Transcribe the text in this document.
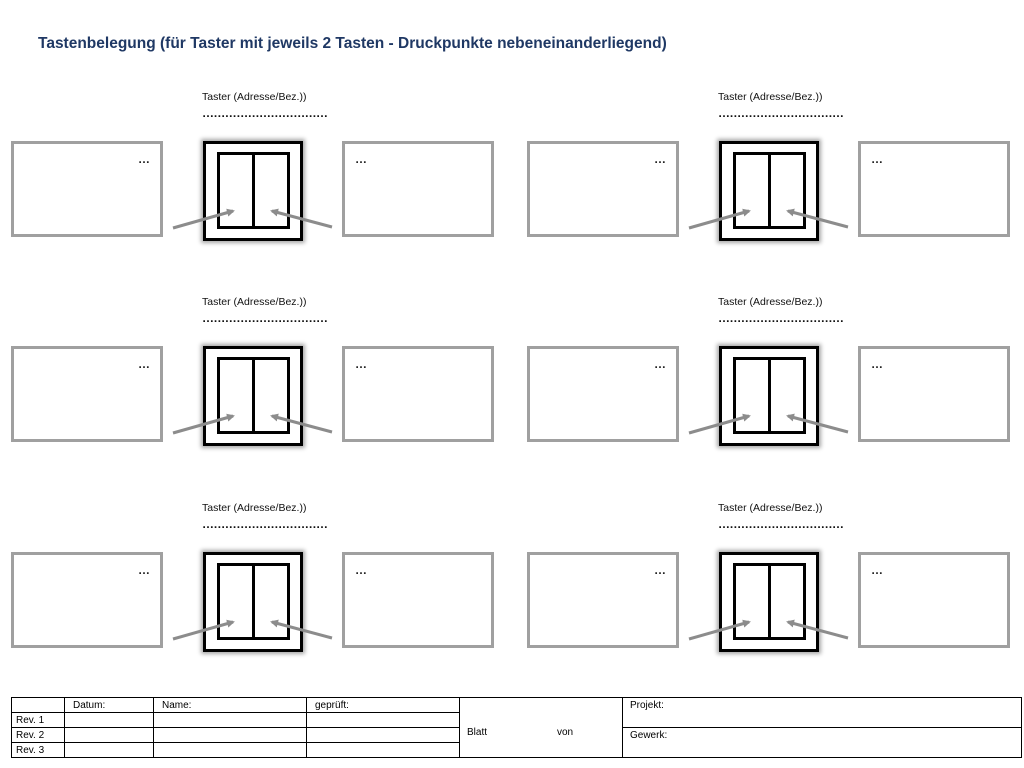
Tastenbelegung (für Taster mit jeweils 2 Tasten - Druckpunkte nebeneinanderliegend)
Taster (Adresse/Bez.))
……………………………
…	…
Taster (Adresse/Bez.))
……………………………
…	…
Taster (Adresse/Bez.))
……………………………
…	…
Taster (Adresse/Bez.))
……………………………
…	…
Taster (Adresse/Bez.))
……………………………
…	…
Taster (Adresse/Bez.))
……………………………
…	…
	Datum:	Name:	geprüft:	Blatt von	Projekt:
Rev. 1					
Rev. 2					Gewerk:
Rev. 3					
